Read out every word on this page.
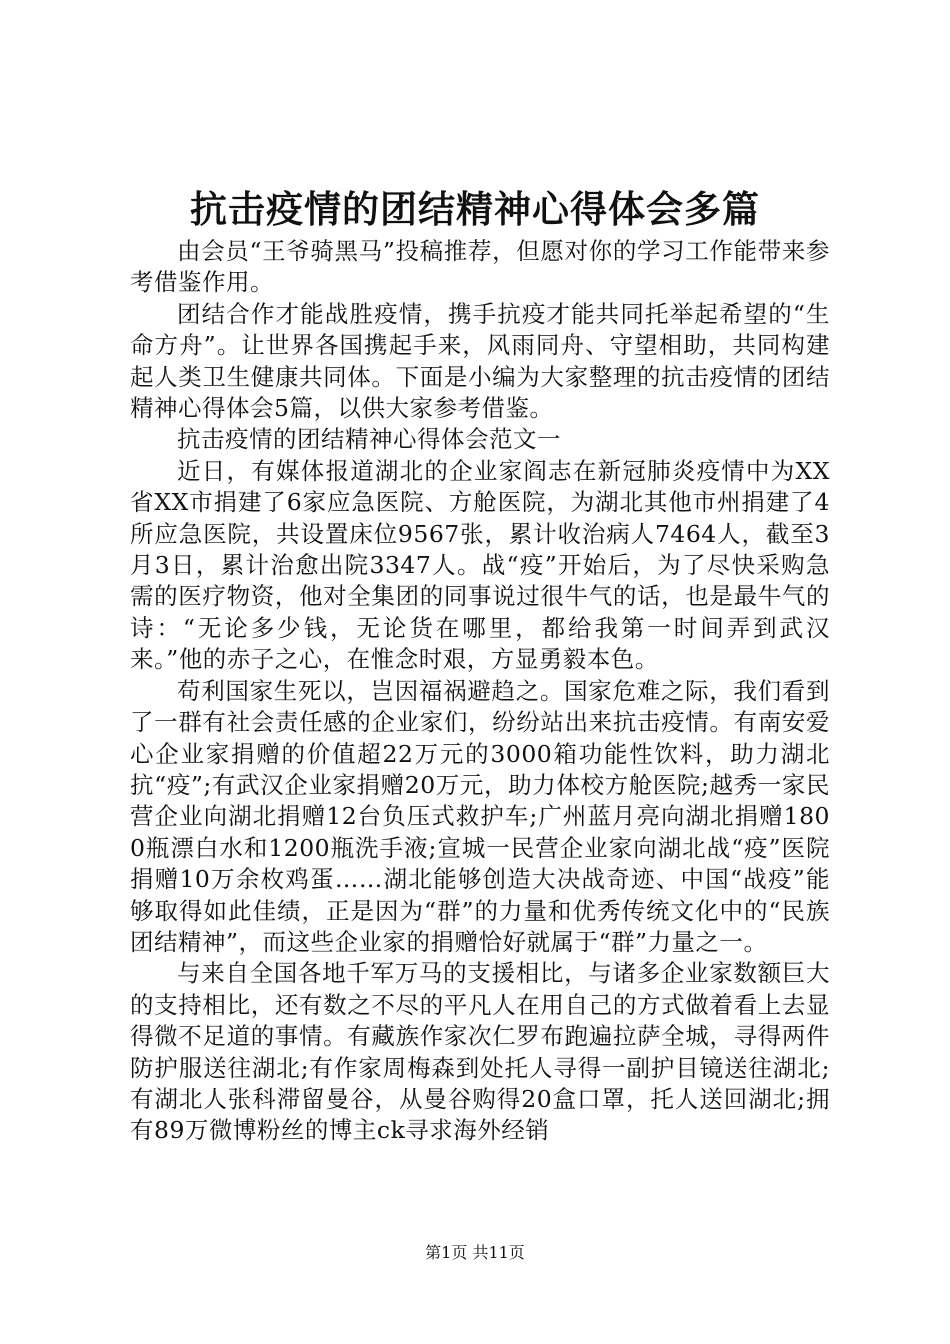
抗击疫情的团结精神心得体会多篇

由会员“王爷骑黑马”投稿推荐，但愿对你的学习工作能带来参考借鉴作用。

团结合作才能战胜疫情，携手抗疫才能共同托举起希望的“生命方舟”。让世界各国携起手来，风雨同舟、守望相助，共同构建起人类卫生健康共同体。下面是小编为大家整理的抗击疫情的团结精神心得体会5篇，以供大家参考借鉴。

抗击疫情的团结精神心得体会范文一

近日，有媒体报道湖北的企业家阎志在新冠肺炎疫情中为XX省XX市捐建了6家应急医院、方舱医院，为湖北其他市州捐建了4所应急医院，共设置床位9567张，累计收治病人7464人，截至3月3日，累计治愈出院3347人。战“疫”开始后，为了尽快采购急需的医疗物资，他对全集团的同事说过很牛气的话，也是最牛气的诗：“无论多少钱，无论货在哪里，都给我第一时间弄到武汉来。”他的赤子之心，在惟念时艰，方显勇毅本色。

苟利国家生死以，岂因福祸避趋之。国家危难之际，我们看到了一群有社会责任感的企业家们，纷纷站出来抗击疫情。有南安爱心企业家捐赠的价值超22万元的3000箱功能性饮料，助力湖北抗“疫”;有武汉企业家捐赠20万元，助力体校方舱医院;越秀一家民营企业向湖北捐赠12台负压式救护车;广州蓝月亮向湖北捐赠1800瓶漂白水和1200瓶洗手液;宣城一民营企业家向湖北战“疫”医院捐赠10万余枚鸡蛋……湖北能够创造大决战奇迹、中国“战疫”能够取得如此佳绩，正是因为“群”的力量和优秀传统文化中的“民族团结精神”，而这些企业家的捐赠恰好就属于“群”力量之一。

与来自全国各地千军万马的支援相比，与诸多企业家数额巨大的支持相比，还有数之不尽的平凡人在用自己的方式做着看上去显得微不足道的事情。有藏族作家次仁罗布跑遍拉萨全城，寻得两件防护服送往湖北;有作家周梅森到处托人寻得一副护目镜送往湖北;有湖北人张科滞留曼谷，从曼谷购得20盒口罩，托人送回湖北;拥有89万微博粉丝的博主ck寻求海外经销

第1页 共11页
